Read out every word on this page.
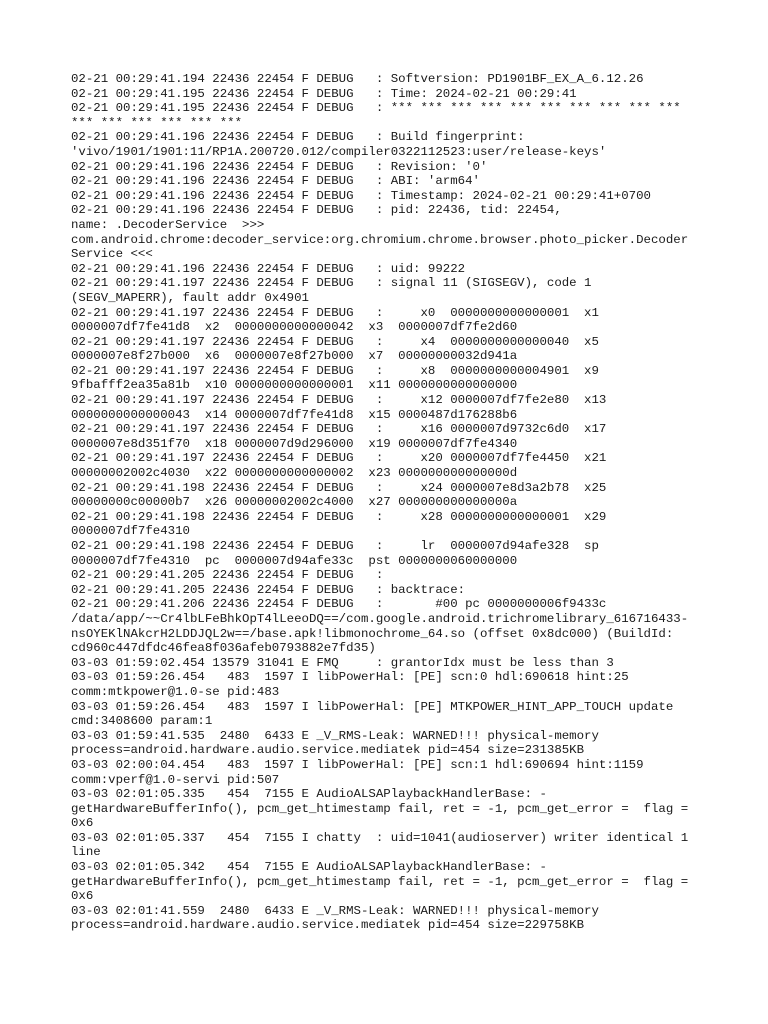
02-21 00:29:41.194 22436 22454 F DEBUG   : Softversion: PD1901BF_EX_A_6.12.26
02-21 00:29:41.195 22436 22454 F DEBUG   : Time: 2024-02-21 00:29:41
02-21 00:29:41.195 22436 22454 F DEBUG   : *** *** *** *** *** *** *** *** *** ***
*** *** *** *** *** ***
02-21 00:29:41.196 22436 22454 F DEBUG   : Build fingerprint:
'vivo/1901/1901:11/RP1A.200720.012/compiler0322112523:user/release-keys'
02-21 00:29:41.196 22436 22454 F DEBUG   : Revision: '0'
02-21 00:29:41.196 22436 22454 F DEBUG   : ABI: 'arm64'
02-21 00:29:41.196 22436 22454 F DEBUG   : Timestamp: 2024-02-21 00:29:41+0700
02-21 00:29:41.196 22436 22454 F DEBUG   : pid: 22436, tid: 22454,
name: .DecoderService  >>>
com.android.chrome:decoder_service:org.chromium.chrome.browser.photo_picker.Decoder
Service <<<
02-21 00:29:41.196 22436 22454 F DEBUG   : uid: 99222
02-21 00:29:41.197 22436 22454 F DEBUG   : signal 11 (SIGSEGV), code 1
(SEGV_MAPERR), fault addr 0x4901
02-21 00:29:41.197 22436 22454 F DEBUG   :     x0  0000000000000001  x1
0000007df7fe41d8  x2  0000000000000042  x3  0000007df7fe2d60
02-21 00:29:41.197 22436 22454 F DEBUG   :     x4  0000000000000040  x5
0000007e8f27b000  x6  0000007e8f27b000  x7  00000000032d941a
02-21 00:29:41.197 22436 22454 F DEBUG   :     x8  0000000000004901  x9
9fbafff2ea35a81b  x10 0000000000000001  x11 0000000000000000
02-21 00:29:41.197 22436 22454 F DEBUG   :     x12 0000007df7fe2e80  x13
0000000000000043  x14 0000007df7fe41d8  x15 0000487d176288b6
02-21 00:29:41.197 22436 22454 F DEBUG   :     x16 0000007d9732c6d0  x17
0000007e8d351f70  x18 0000007d9d296000  x19 0000007df7fe4340
02-21 00:29:41.197 22436 22454 F DEBUG   :     x20 0000007df7fe4450  x21
00000002002c4030  x22 0000000000000002  x23 000000000000000d
02-21 00:29:41.198 22436 22454 F DEBUG   :     x24 0000007e8d3a2b78  x25
00000000c00000b7  x26 00000002002c4000  x27 000000000000000a
02-21 00:29:41.198 22436 22454 F DEBUG   :     x28 0000000000000001  x29
0000007df7fe4310
02-21 00:29:41.198 22436 22454 F DEBUG   :     lr  0000007d94afe328  sp
0000007df7fe4310  pc  0000007d94afe33c  pst 0000000060000000
02-21 00:29:41.205 22436 22454 F DEBUG   :
02-21 00:29:41.205 22436 22454 F DEBUG   : backtrace:
02-21 00:29:41.206 22436 22454 F DEBUG   :       #00 pc 0000000006f9433c
/data/app/~~Cr4lbLFeBhkOpT4lLeeoDQ==/com.google.android.trichromelibrary_616716433-
nsOYEKlNAkcrH2LDDJQL2w==/base.apk!libmonochrome_64.so (offset 0x8dc000) (BuildId:
cd960c447dfdc46fea8f036afeb0793882e7fd35)
03-03 01:59:02.454 13579 31041 E FMQ     : grantorIdx must be less than 3
03-03 01:59:26.454   483  1597 I libPowerHal: [PE] scn:0 hdl:690618 hint:25
comm:mtkpower@1.0-se pid:483
03-03 01:59:26.454   483  1597 I libPowerHal: [PE] MTKPOWER_HINT_APP_TOUCH update
cmd:3408600 param:1
03-03 01:59:41.535  2480  6433 E _V_RMS-Leak: WARNED!!! physical-memory
process=android.hardware.audio.service.mediatek pid=454 size=231385KB
03-03 02:00:04.454   483  1597 I libPowerHal: [PE] scn:1 hdl:690694 hint:1159
comm:vperf@1.0-servi pid:507
03-03 02:01:05.335   454  7155 E AudioALSAPlaybackHandlerBase: -
getHardwareBufferInfo(), pcm_get_htimestamp fail, ret = -1, pcm_get_error =  flag =
0x6
03-03 02:01:05.337   454  7155 I chatty  : uid=1041(audioserver) writer identical 1
line
03-03 02:01:05.342   454  7155 E AudioALSAPlaybackHandlerBase: -
getHardwareBufferInfo(), pcm_get_htimestamp fail, ret = -1, pcm_get_error =  flag =
0x6
03-03 02:01:41.559  2480  6433 E _V_RMS-Leak: WARNED!!! physical-memory
process=android.hardware.audio.service.mediatek pid=454 size=229758KB
